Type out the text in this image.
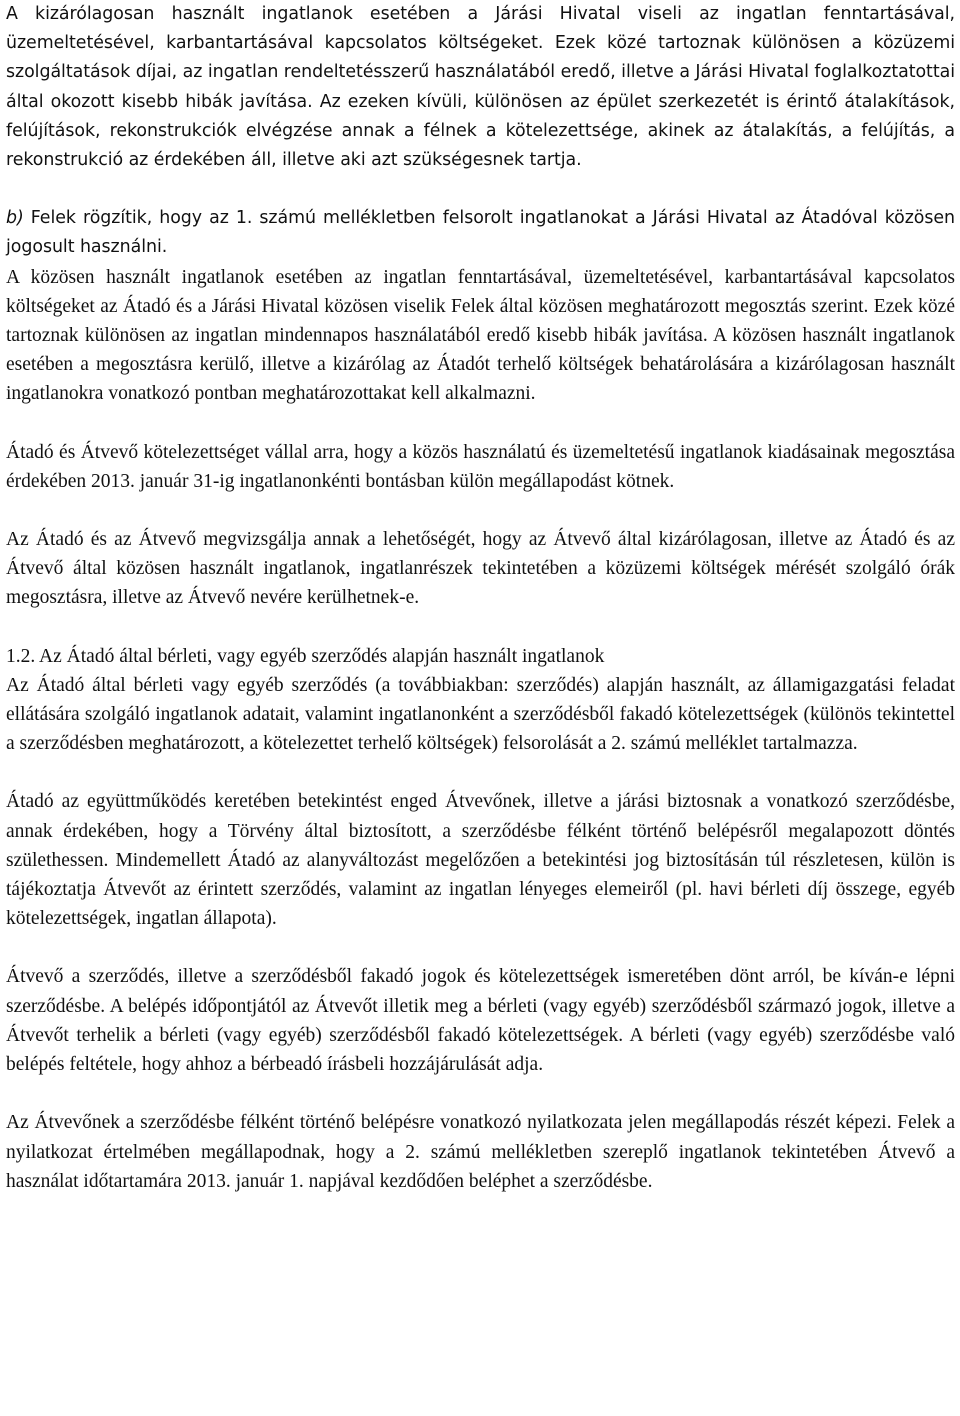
A kizárólagosan használt ingatlanok esetében a Járási Hivatal viseli az ingatlan fenntartásával, üzemeltetésével, karbantartásával kapcsolatos költségeket. Ezek közé tartoznak különösen a közüzemi szolgáltatások díjai, az ingatlan rendeltetésszerű használatából eredő, illetve a Járási Hivatal foglalkoztatottai által okozott kisebb hibák javítása. Az ezeken kívüli, különösen az épület szerkezetét is érintő átalakítások, felújítások, rekonstrukciók elvégzése annak a félnek a kötelezettsége, akinek az átalakítás, a felújítás, a rekonstrukció az érdekében áll, illetve aki azt szükségesnek tartja.

b) Felek rögzítik, hogy az 1. számú mellékletben felsorolt ingatlanokat a Járási Hivatal az Átadóval közösen jogosult használni.

A közösen használt ingatlanok esetében az ingatlan fenntartásával, üzemeltetésével, karbantartásával kapcsolatos költségeket az Átadó és a Járási Hivatal közösen viselik Felek által közösen meghatározott megosztás szerint. Ezek közé tartoznak különösen az ingatlan mindennapos használatából eredő kisebb hibák javítása. A közösen használt ingatlanok esetében a megosztásra kerülő, illetve a kizárólag az Átadót terhelő költségek behatárolására a kizárólagosan használt ingatlanokra vonatkozó pontban meghatározottakat kell alkalmazni.

Átadó és Átvevő kötelezettséget vállal arra, hogy a közös használatú és üzemeltetésű ingatlanok kiadásainak megosztása érdekében 2013. január 31-ig ingatlanonkénti bontásban külön megállapodást kötnek.

Az Átadó és az Átvevő megvizsgálja annak a lehetőségét, hogy az Átvevő által kizárólagosan, illetve az Átadó és az Átvevő által közösen használt ingatlanok, ingatlanrészek tekintetében a közüzemi költségek mérését szolgáló órák megosztásra, illetve az Átvevő nevére kerülhetnek-e.

1.2. Az Átadó által bérleti, vagy egyéb szerződés alapján használt ingatlanok

Az Átadó által bérleti vagy egyéb szerződés (a továbbiakban: szerződés) alapján használt, az államigazgatási feladat ellátására szolgáló ingatlanok adatait, valamint ingatlanonként a szerződésből fakadó kötelezettségek (különös tekintettel a szerződésben meghatározott, a kötelezettet terhelő költségek) felsorolását a 2. számú melléklet tartalmazza.

Átadó az együttműködés keretében betekintést enged Átvevőnek, illetve a járási biztosnak a vonatkozó szerződésbe, annak érdekében, hogy a Törvény által biztosított, a szerződésbe félként történő belépésről megalapozott döntés születhessen. Mindemellett Átadó az alanyváltozást megelőzően a betekintési jog biztosításán túl részletesen, külön is tájékoztatja Átvevőt az érintett szerződés, valamint az ingatlan lényeges elemeiről (pl. havi bérleti díj összege, egyéb kötelezettségek, ingatlan állapota).

Átvevő a szerződés, illetve a szerződésből fakadó jogok és kötelezettségek ismeretében dönt arról, be kíván-e lépni szerződésbe. A belépés időpontjától az Átvevőt illetik meg a bérleti (vagy egyéb) szerződésből származó jogok, illetve a Átvevőt terhelik a bérleti (vagy egyéb) szerződésből fakadó kötelezettségek. A bérleti (vagy egyéb) szerződésbe való belépés feltétele, hogy ahhoz a bérbeadó írásbeli hozzájárulását adja.

Az Átvevőnek a szerződésbe félként történő belépésre vonatkozó nyilatkozata jelen megállapodás részét képezi. Felek a nyilatkozat értelmében megállapodnak, hogy a 2. számú mellékletben szereplő ingatlanok tekintetében Átvevő a használat időtartamára 2013. január 1. napjával kezdődően beléphet a szerződésbe.
